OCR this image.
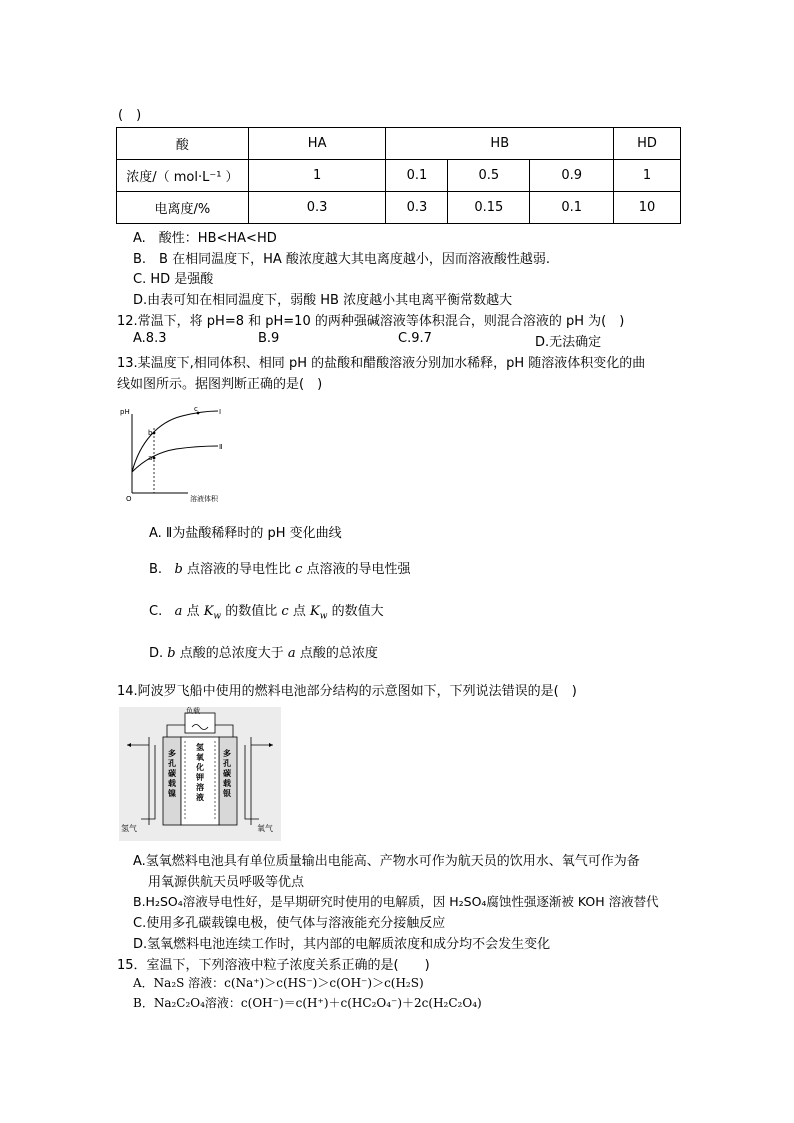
(　)
酸	HA	HB			HD
浓度/（ mol·L⁻¹ ）	1	0.1	0.5	0.9	1
电离度/%	0.3	0.3	0.15	0.1	10
A.　酸性：HB<HA<HD
B.　B 在相同温度下，HA 酸浓度越大其电离度越小，因而溶液酸性越弱.
C. HD 是强酸
D.由表可知在相同温度下，弱酸 HB 浓度越小其电离平衡常数越大
12.常温下，将 pH=8 和 pH=10 的两种强碱溶液等体积混合，则混合溶液的 pH 为(　)
A.8.3	B.9	C.9.7	D.无法确定
13.某温度下,相同体积、相同 pH 的盐酸和醋酸溶液分别加水稀释，pH 随溶液体积变化的曲
线如图所示。据图判断正确的是(　)
pH
溶液体积
O
I
Ⅱ
a
b
c
A. Ⅱ为盐酸稀释时的 pH 变化曲线
B. b 点溶液的导电性比 c 点溶液的导电性强
C. a 点 $K_w$ 的数值比 c 点 $K_w$ 的数值大
D. b 点酸的总浓度大于 a 点酸的总浓度
14.阿波罗飞船中使用的燃料电池部分结构的示意图如下，下列说法错误的是(　)
负载
多孔碳载镍
氢氧化钾溶液
多孔碳载银
氢气	氧气
A.氢氧燃料电池具有单位质量输出电能高、产物水可作为航天员的饮用水、氧气可作为备
用氧源供航天员呼吸等优点
B.H₂SO₄溶液导电性好，是早期研究时使用的电解质，因 H₂SO₄腐蚀性强逐渐被 KOH 溶液替代
C.使用多孔碳载镍电极，使气体与溶液能充分接触反应
D.氢氧燃料电池连续工作时，其内部的电解质浓度和成分均不会发生变化
15．室温下，下列溶液中粒子浓度关系正确的是(　　)
A．Na₂S 溶液：c(Na⁺)＞c(HS⁻)＞c(OH⁻)＞c(H₂S)
B．Na₂C₂O₄溶液：c(OH⁻)＝c(H⁺)＋c(HC₂O₄⁻)＋2c(H₂C₂O₄)
